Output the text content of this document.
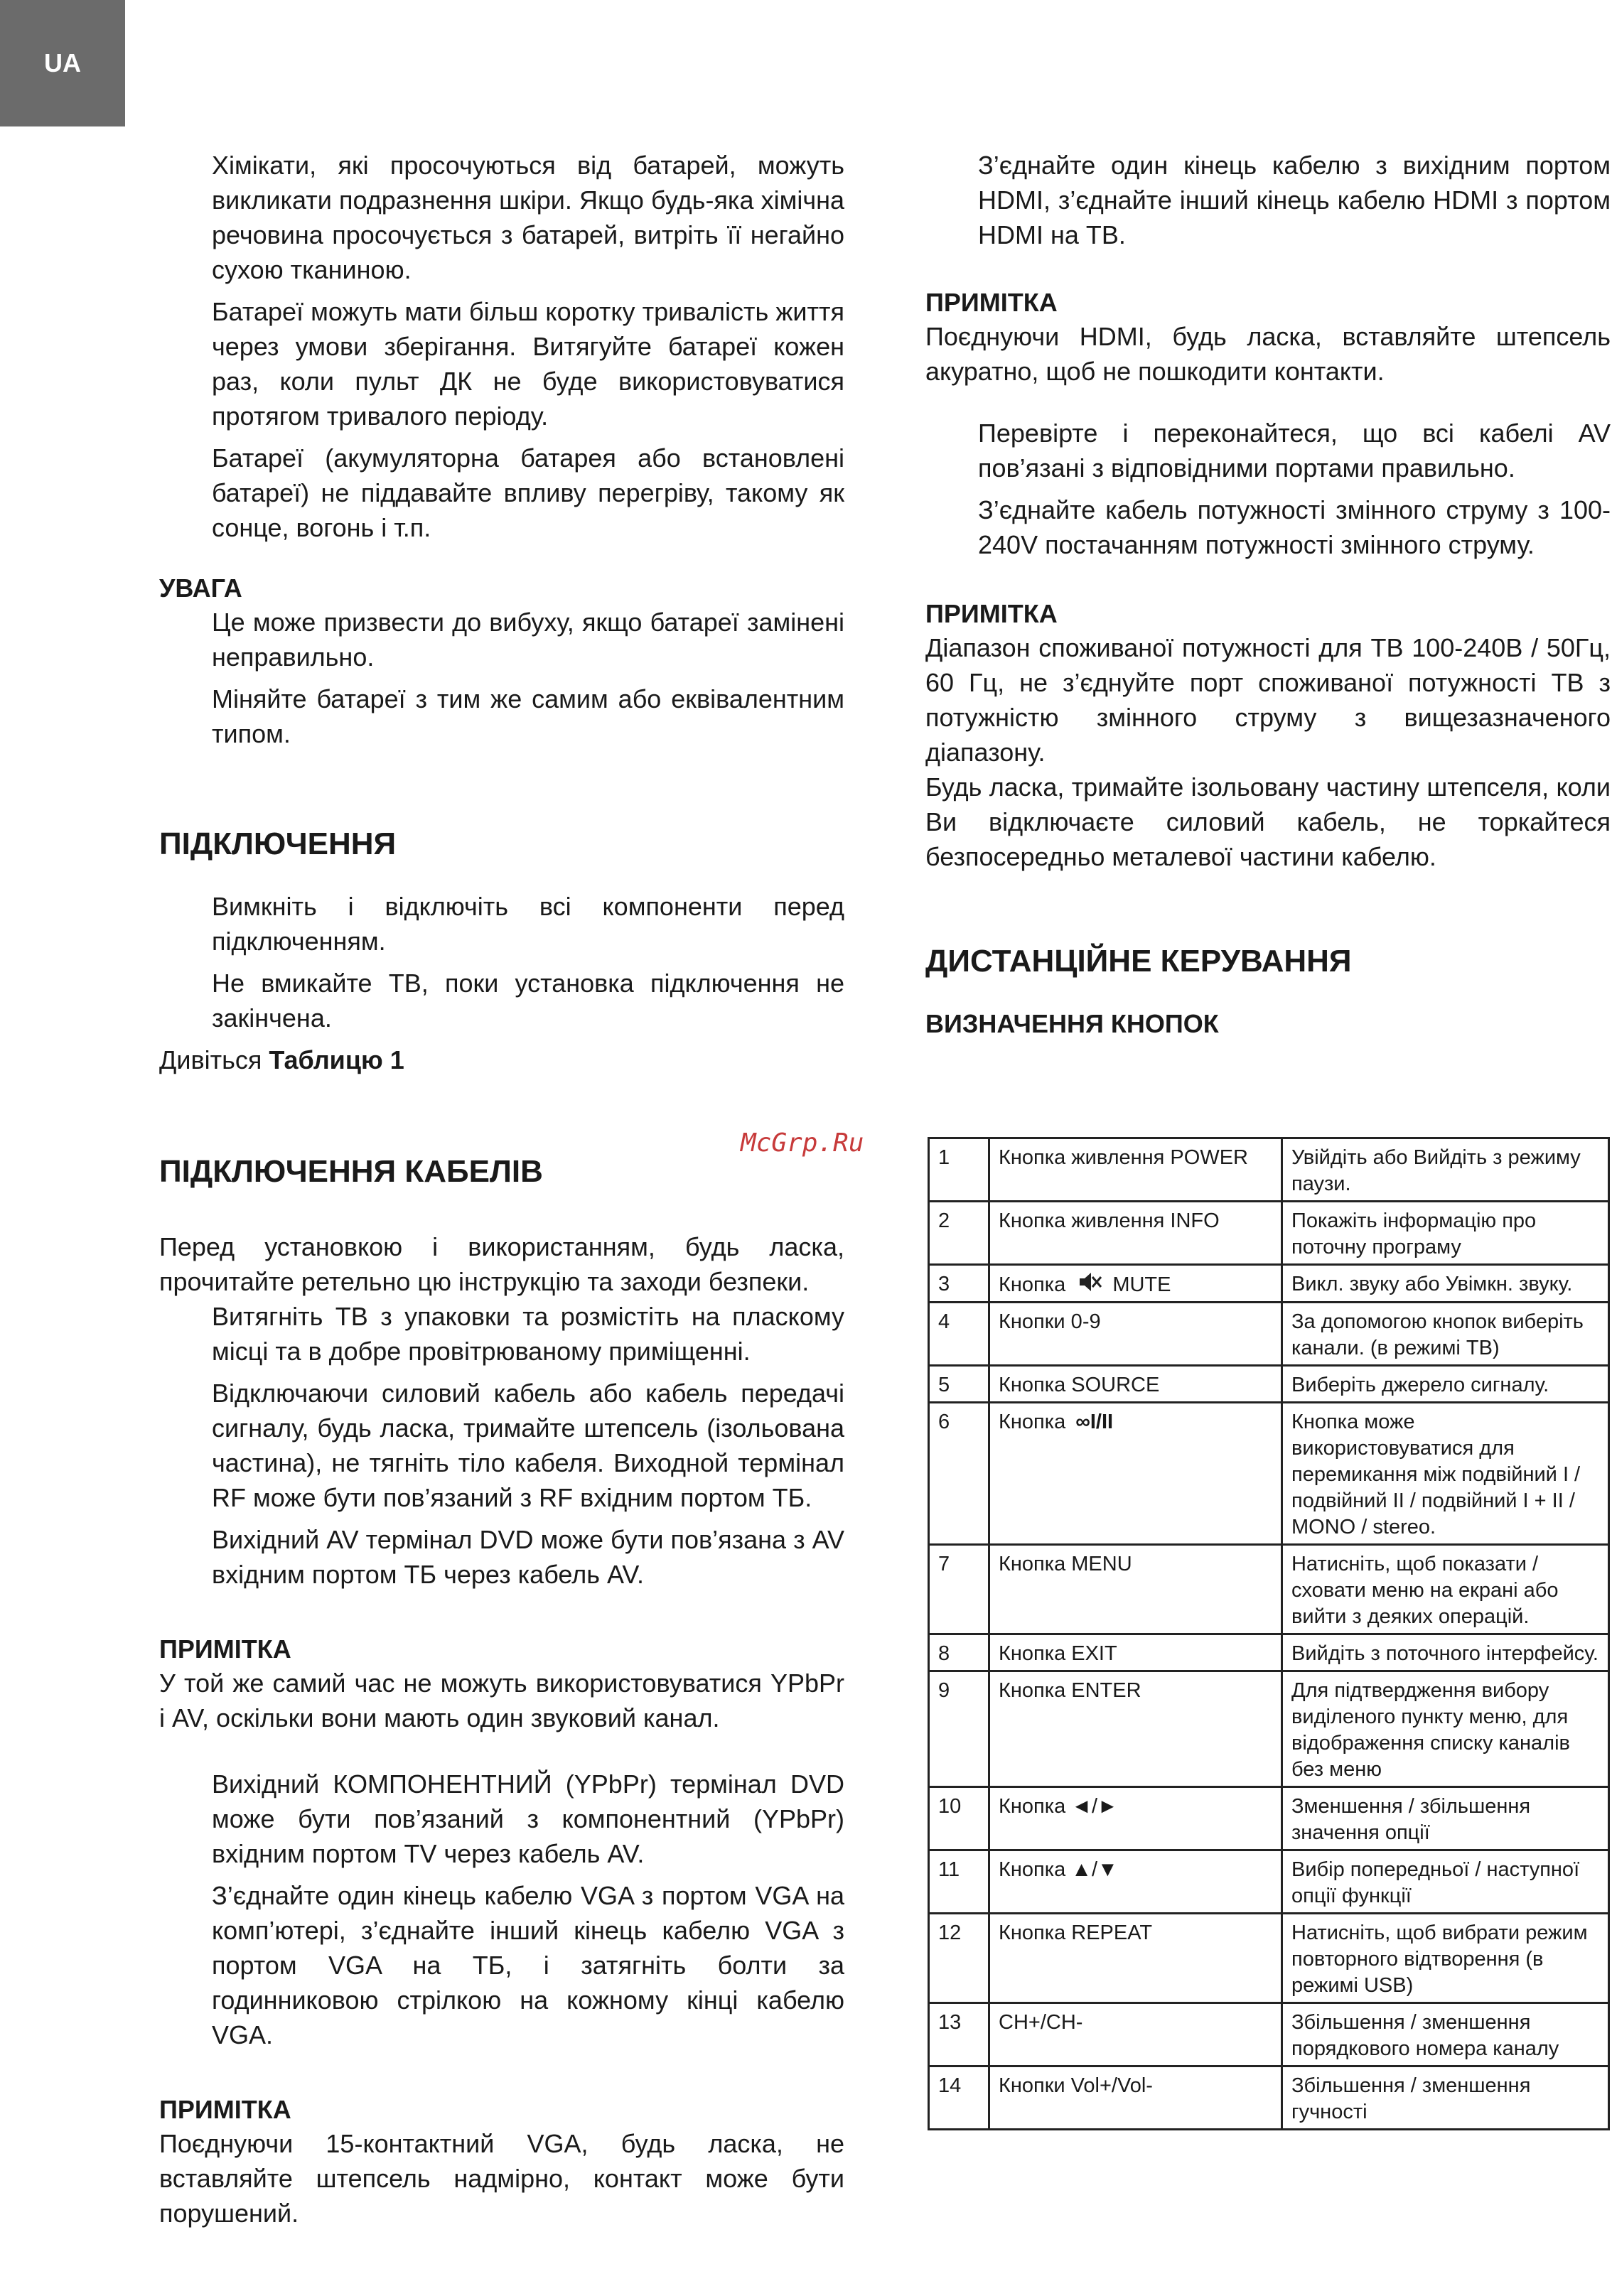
UA

Хімікати, які просочуються від батарей, можуть викликати подразнення шкіри. Якщо будь-яка хімічна речовина просочується з батарей, витріть її негайно сухою тканиною.

Батареї можуть мати більш коротку тривалість життя через умови зберігання. Витягуйте батареї кожен раз, коли пульт ДК не буде використовуватися протягом тривалого періоду.

Батареї (акумуляторна батарея або встановлені батареї) не піддавайте впливу перегріву, такому як сонце, вогонь і т.п.

УВАГА

Це може призвести до вибуху, якщо батареї замінені неправильно.

Міняйте батареї з тим же самим або еквівалентним типом.

ПІДКЛЮЧЕННЯ

Вимкніть і відключіть всі компоненти перед підключенням.

Не вмикайте ТВ, поки установка підключення не закінчена.

Дивіться Таблицю 1

ПІДКЛЮЧЕННЯ КАБЕЛІВ

Перед установкою і використанням, будь ласка, прочитайте ретельно цю інструкцію та заходи безпеки.

Витягніть ТВ з упаковки та розмістіть на пласкому місці та в добре провітрюваному приміщенні.

Відключаючи силовий кабель або кабель передачі сигналу, будь ласка, тримайте штепсель (ізольована частина), не тягніть тіло кабеля. Виходной термінал RF може бути пов’язаний з RF вхідним портом ТБ.

Вихідний AV термінал DVD може бути пов’язана з AV вхідним портом ТБ через кабель AV.

ПРИМІТКА

У той же самий час не можуть використовуватися YPbPr і AV, оскільки вони мають один звуковий канал.

Вихідний КОМПОНЕНТНИЙ (YPbPr) термінал DVD може бути пов’язаний з компонентний (YPbPr) вхідним портом TV через кабель AV.

З’єднайте один кінець кабелю VGA з портом VGA на комп’ютері, з’єднайте інший кінець кабелю VGA з портом VGA на ТБ, і затягніть болти за годинниковою стрілкою на кожному кінці кабелю VGA.

ПРИМІТКА

Поєднуючи 15-контактний VGA, будь ласка, не вставляйте штепсель надмірно, контакт може бути порушений.

З’єднайте один кінець кабелю з вихідним портом HDMI, з’єднайте інший кінець кабелю HDMI з портом HDMI на ТВ.

ПРИМІТКА

Поєднуючи HDMI, будь ласка, вставляйте штепсель акуратно, щоб не пошкодити контакти.

Перевірте і переконайтеся, що всі кабелі AV пов’язані з відповідними портами правильно.

З’єднайте кабель потужності змінного струму з 100-240V постачанням потужності змінного струму.

ПРИМІТКА

Діапазон споживаної потужності для ТВ 100-240В / 50Гц, 60 Гц, не з’єднуйте порт споживаної потужності ТВ з потужністю змінного струму з вищезазначеного діапазону.

Будь ласка, тримайте ізольовану частину штепселя, коли Ви відключаєте силовий кабель, не торкайтеся безпосередньо металевої частини кабелю.

ДИСТАНЦІЙНЕ КЕРУВАННЯ

ВИЗНАЧЕННЯ КНОПОК

McGrp.Ru	1	Кнопка живлення POWER	Увійдіть або Вийдіть з режиму паузи.
2	Кнопка живлення INFO	Покажіть інформацію про поточну програму
3	Кнопка MUTE	Викл. звуку або Увімкн. звуку.
4	Кнопки 0-9	За допомогою кнопок виберіть канали. (в режимі ТВ)
5	Кнопка SOURCE	Виберіть джерело сигналу.
6	Кнопка ∞I/II	Кнопка може використовуватися для перемикання між подвійний I / подвійний II / подвійний I + II / MONO / stereo.
7	Кнопка MENU	Натисніть, щоб показати / сховати меню на екрані або вийти з деяких операцій.
8	Кнопка EXIT	Вийдіть з поточного інтерфейсу.
9	Кнопка ENTER	Для підтвердження вибору виділеного пункту меню, для відображення списку каналів без меню
10	Кнопка ◄/►	Зменшення / збільшення значення опції
11	Кнопка ▲/▼	Вибір попередньої / наступної опції функції
12	Кнопка REPEAT	Натисніть, щоб вибрати режим повторного відтворення (в режимі USB)
13	CH+/CH-	Збільшення / зменшення порядкового номера каналу
14	Кнопки Vol+/Vol-	Збільшення / зменшення гучності
